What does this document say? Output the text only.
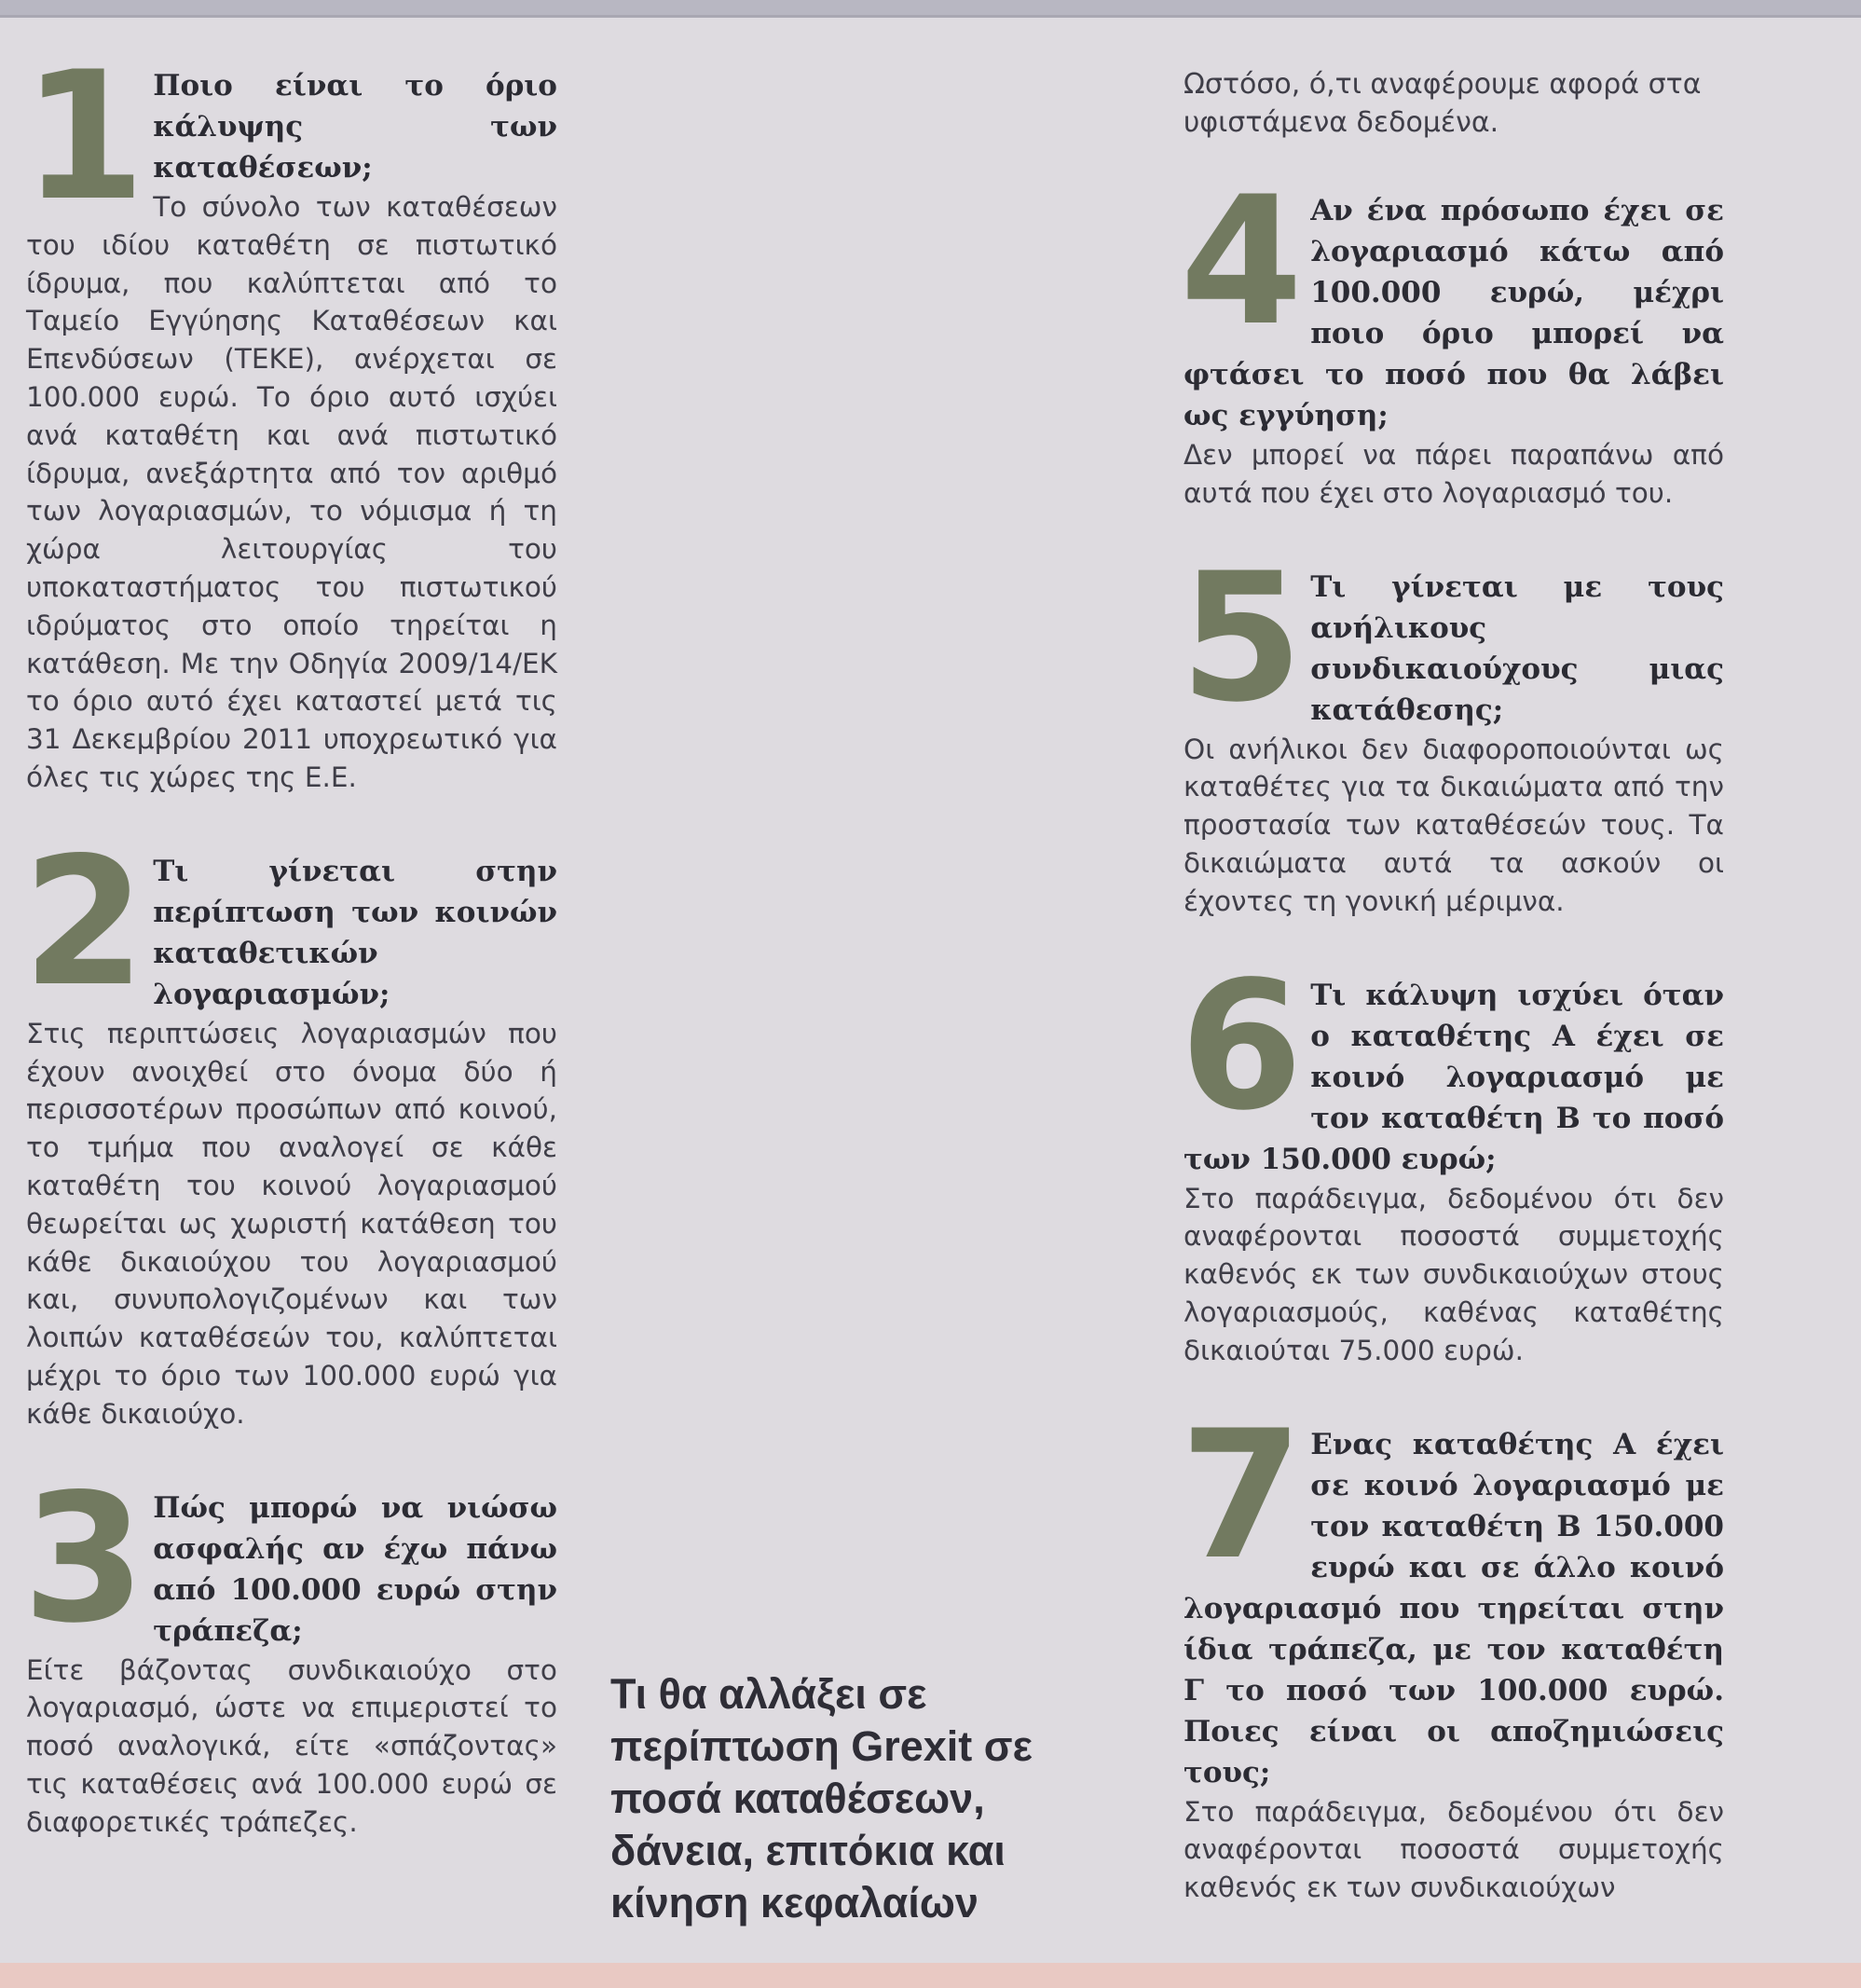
1 Ποιο είναι το όριο κάλυψης των καταθέσεων;
Το σύνολο των καταθέσεων του ιδίου καταθέτη σε πιστωτικό ίδρυμα, που καλύπτεται από το Ταμείο Εγγύησης Καταθέσεων και Επενδύσεων (ΤΕΚΕ), ανέρχεται σε 100.000 ευρώ. Το όριο αυτό ισχύει ανά καταθέτη και ανά πιστωτικό ίδρυμα, ανεξάρτητα από τον αριθμό των λογαριασμών, το νόμισμα ή τη χώρα λειτουργίας του υποκαταστήματος του πιστωτικού ιδρύματος στο οποίο τηρείται η κατάθεση. Με την Οδηγία 2009/14/ΕΚ το όριο αυτό έχει καταστεί μετά τις 31 Δεκεμβρίου 2011 υποχρεωτικό για όλες τις χώρες της Ε.Ε.
2 Τι γίνεται στην περίπτωση των κοινών καταθετικών λογαριασμών;
Στις περιπτώσεις λογαριασμών που έχουν ανοιχθεί στο όνομα δύο ή περισσοτέρων προσώπων από κοινού, το τμήμα που αναλογεί σε κάθε καταθέτη του κοινού λογαριασμού θεωρείται ως χωριστή κατάθεση του κάθε δικαιούχου του λογαριασμού και, συνυπολογιζομένων και των λοιπών καταθέσεών του, καλύπτεται μέχρι το όριο των 100.000 ευρώ για κάθε δικαιούχο.
3 Πώς μπορώ να νιώσω ασφαλής αν έχω πάνω από 100.000 ευρώ στην τράπεζα;
Είτε βάζοντας συνδικαιούχο στο λογαριασμό, ώστε να επιμεριστεί το ποσό αναλογικά, είτε «σπάζοντας» τις καταθέσεις ανά 100.000 ευρώ σε διαφορετικές τράπεζες.
Τι θα αλλάξει σε περίπτωση Grexit σε ποσά καταθέσεων, δάνεια, επιτόκια και κίνηση κεφαλαίων
Ωστόσο, ό,τι αναφέρουμε αφορά στα υφιστάμενα δεδομένα.
4 Αν ένα πρόσωπο έχει σε λογαριασμό κάτω από 100.000 ευρώ, μέχρι ποιο όριο μπορεί να φτάσει το ποσό που θα λάβει ως εγγύηση;
Δεν μπορεί να πάρει παραπάνω από αυτά που έχει στο λογαριασμό του.
5 Τι γίνεται με τους ανήλικους συνδικαιούχους μιας κατάθεσης;
Οι ανήλικοι δεν διαφοροποιούνται ως καταθέτες για τα δικαιώματα από την προστασία των καταθέσεών τους. Τα δικαιώματα αυτά τα ασκούν οι έχοντες τη γονική μέριμνα.
6 Τι κάλυψη ισχύει όταν ο καταθέτης Α έχει σε κοινό λογαριασμό με τον καταθέτη Β το ποσό των 150.000 ευρώ;
Στο παράδειγμα, δεδομένου ότι δεν αναφέρονται ποσοστά συμμετοχής καθενός εκ των συνδικαιούχων στους λογαριασμούς, καθένας καταθέτης δικαιούται 75.000 ευρώ.
7 Ενας καταθέτης Α έχει σε κοινό λογαριασμό με τον καταθέτη Β 150.000 ευρώ και σε άλλο κοινό λογαριασμό που τηρείται στην ίδια τράπεζα, με τον καταθέτη Γ το ποσό των 100.000 ευρώ. Ποιες είναι οι αποζημιώσεις τους;
Στο παράδειγμα, δεδομένου ότι δεν αναφέρονται ποσοστά συμμετοχής καθενός εκ των συνδικαιούχων
